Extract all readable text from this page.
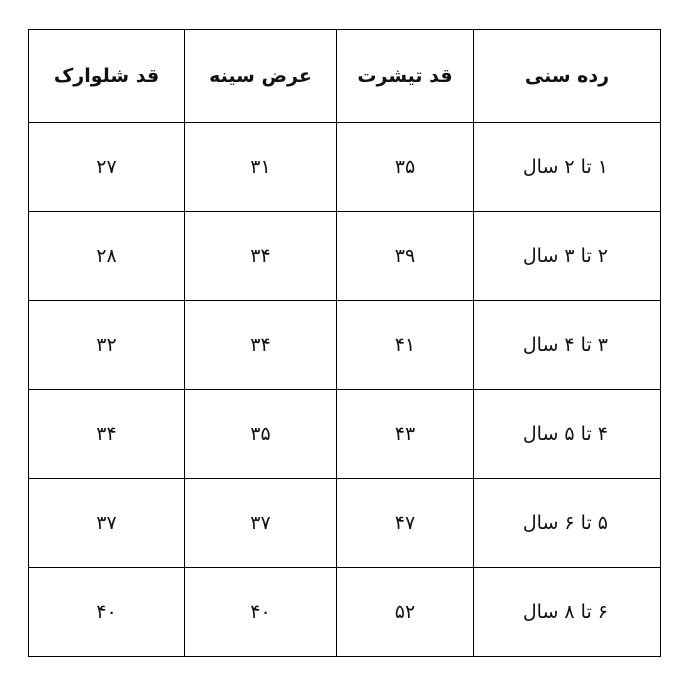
رده سنی	قد تیشرت	عرض سینه	قد شلوارک
۱ تا ۲ سال	۳۵	۳۱	۲۷
۲ تا ۳ سال	۳۹	۳۴	۲۸
۳ تا ۴ سال	۴۱	۳۴	۳۲
۴ تا ۵ سال	۴۳	۳۵	۳۴
۵ تا ۶ سال	۴۷	۳۷	۳۷
۶ تا ۸ سال	۵۲	۴۰	۴۰
